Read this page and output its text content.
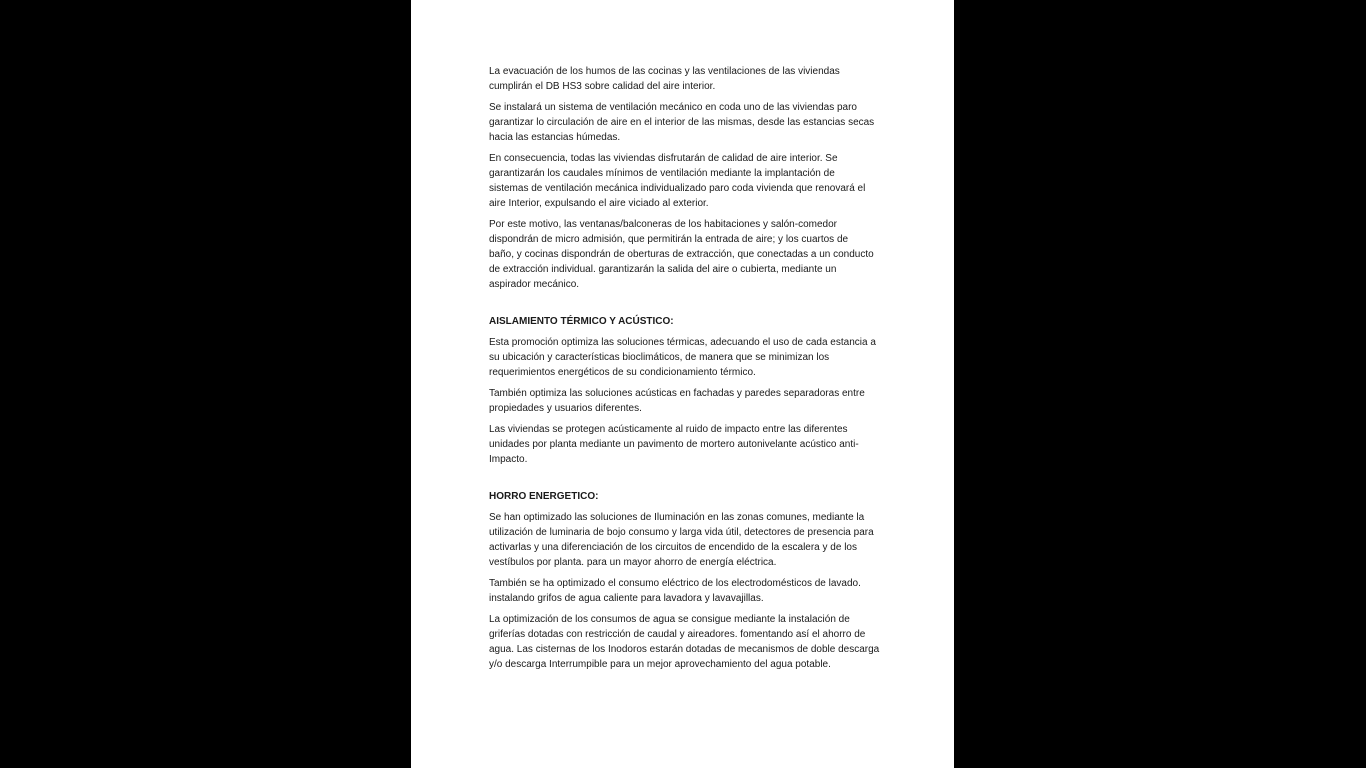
La evacuación de los humos de las cocinas y las ventilaciones de las viviendas
cumplirán el DB HS3 sobre calidad del aire interior.

Se instalará un sistema de ventilación mecánico en coda uno de las viviendas paro
garantizar lo circulación de aire en el interior de las mismas, desde las estancias secas
hacia las estancias húmedas.

En consecuencia, todas las viviendas disfrutarán de calidad de aire interior. Se
garantizarán los caudales mínimos de ventilación mediante la implantación de
sistemas de ventilación mecánica individualizado paro coda vivienda que renovará el
aire Interior, expulsando el aire viciado al exterior.

Por este motivo, las ventanas/balconeras de los habitaciones y salón-comedor
dispondrán de micro admisión, que permitirán la entrada de aire; y los cuartos de
baño, y cocinas dispondrán de oberturas de extracción, que conectadas a un conducto
de extracción individual. garantizarán la salida del aire o cubierta, mediante un
aspirador mecánico.

AISLAMIENTO TÉRMICO Y ACÚSTICO:

Esta promoción optimiza las soluciones térmicas, adecuando el uso de cada estancia a
su ubicación y características bioclimáticos, de manera que se minimizan los
requerimientos energéticos de su condicionamiento térmico.

También optimiza las soluciones acústicas en fachadas y paredes separadoras entre
propiedades y usuarios diferentes.

Las viviendas se protegen acústicamente al ruido de impacto entre las diferentes
unidades por planta mediante un pavimento de mortero autonivelante acústico anti-
Impacto.

HORRO ENERGETICO:

Se han optimizado las soluciones de Iluminación en las zonas comunes, mediante la
utilización de luminaria de bojo consumo y larga vida útil, detectores de presencia para
activarlas y una diferenciación de los circuitos de encendido de la escalera y de los
vestíbulos por planta. para un mayor ahorro de energía eléctrica.

También se ha optimizado el consumo eléctrico de los electrodomésticos de lavado.
instalando grifos de agua caliente para lavadora y lavavajillas.

La optimización de los consumos de agua se consigue mediante la instalación de
griferías dotadas con restricción de caudal y aireadores. fomentando así el ahorro de
agua. Las cisternas de los Inodoros estarán dotadas de mecanismos de doble descarga
y/o descarga Interrumpible para un mejor aprovechamiento del agua potable.
